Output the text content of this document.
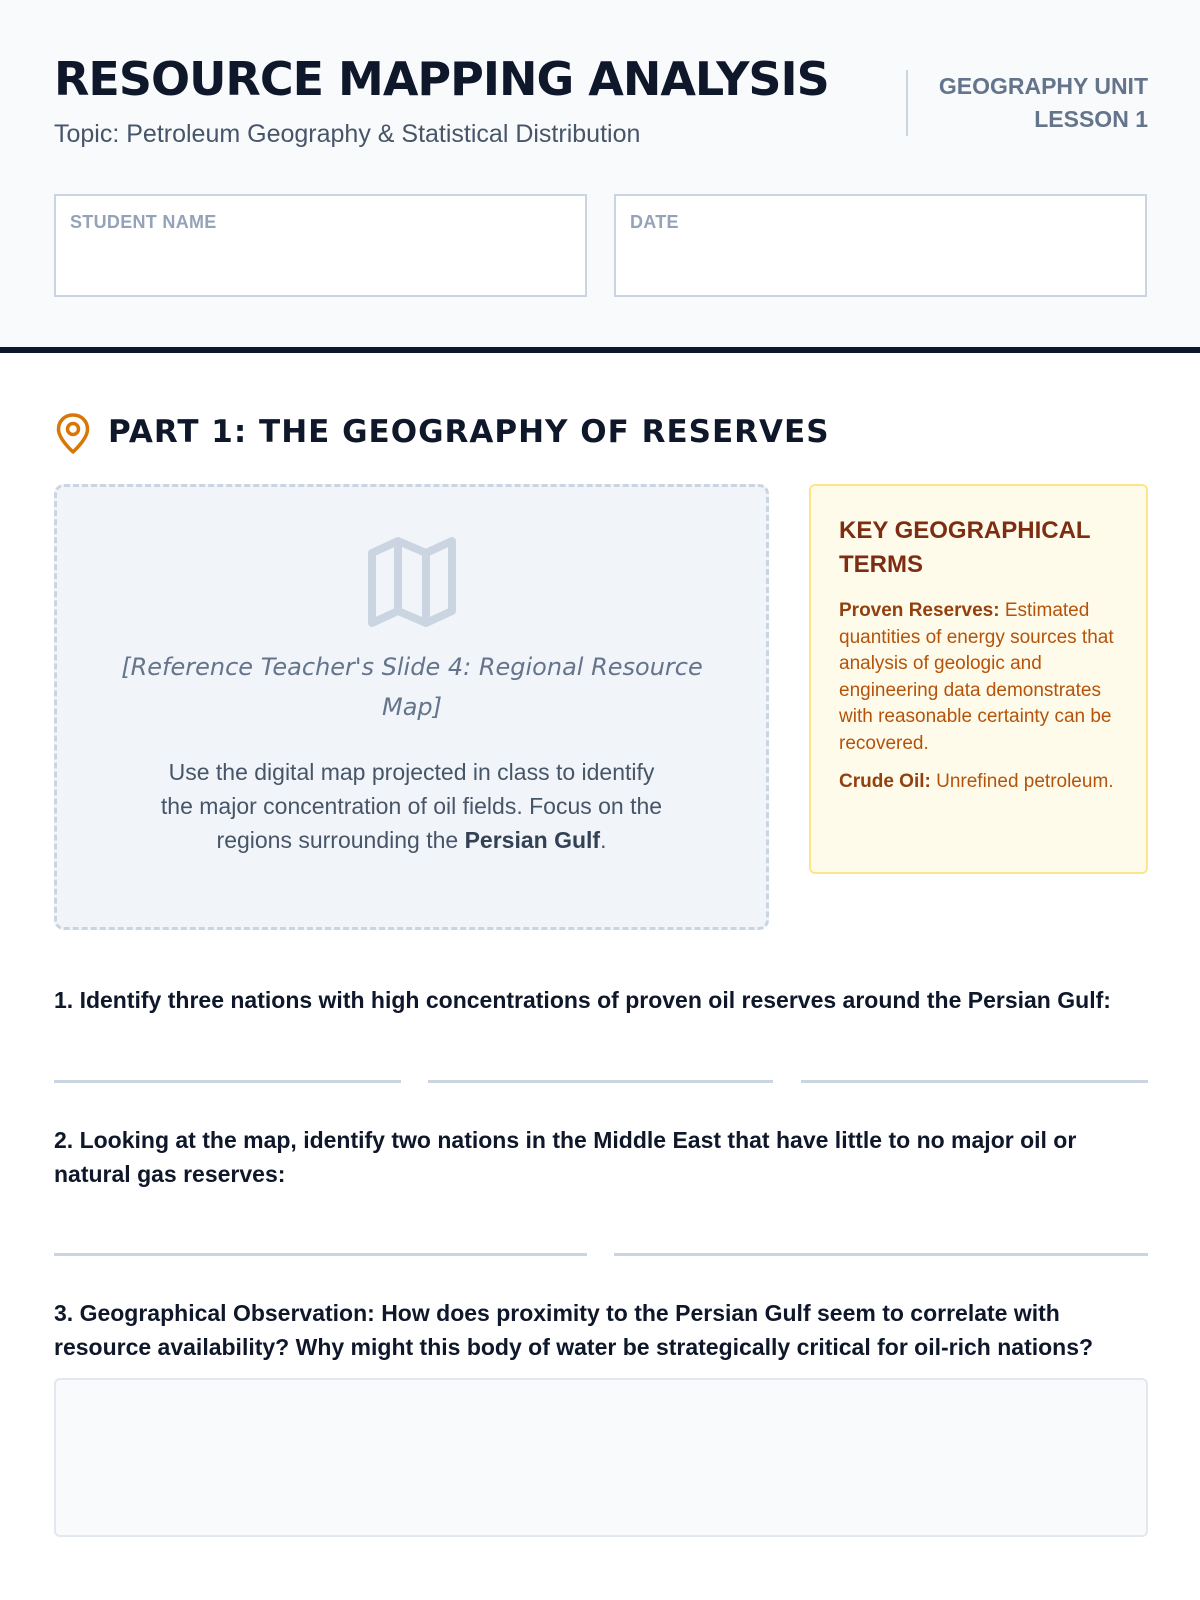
RESOURCE MAPPING ANALYSIS
Topic: Petroleum Geography & Statistical Distribution
GEOGRAPHY UNIT
LESSON 1
STUDENT NAME	DATE
PART 1: THE GEOGRAPHY OF RESERVES
[Reference Teacher's Slide 4: Regional Resource Map]
Use the digital map projected in class to identify the major concentration of oil fields. Focus on the regions surrounding the Persian Gulf.
KEY GEOGRAPHICAL TERMS

Proven Reserves: Estimated quantities of energy sources that analysis of geologic and engineering data demonstrates with reasonable certainty can be recovered.

Crude Oil: Unrefined petroleum.

1. Identify three nations with high concentrations of proven oil reserves around the Persian Gulf:
2. Looking at the map, identify two nations in the Middle East that have little to no major oil or natural gas reserves:
3. Geographical Observation: How does proximity to the Persian Gulf seem to correlate with resource availability? Why might this body of water be strategically critical for oil-rich nations?
